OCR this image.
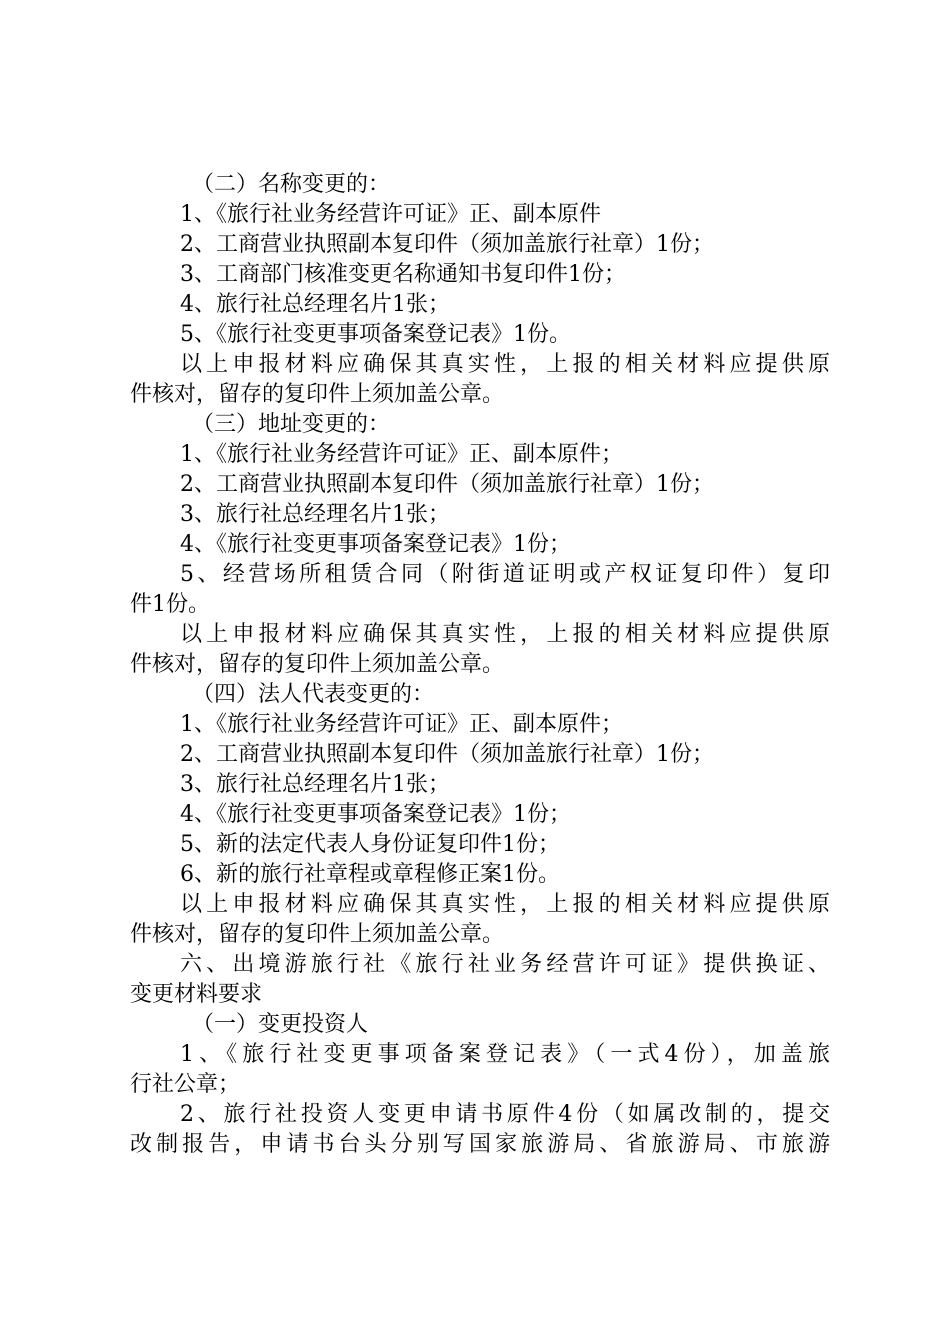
（二）名称变更的：
1、《旅行社业务经营许可证》正、副本原件
2、工商营业执照副本复印件（须加盖旅行社章）1份；
3、工商部门核准变更名称通知书复印件1份；
4、旅行社总经理名片1张；
5、《旅行社变更事项备案登记表》1份。
以上申报材料应确保其真实性，上报的相关材料应提供原
件核对，留存的复印件上须加盖公章。
（三）地址变更的：
1、《旅行社业务经营许可证》正、副本原件；
2、工商营业执照副本复印件（须加盖旅行社章）1份；
3、旅行社总经理名片1张；
4、《旅行社变更事项备案登记表》1份；
5、经营场所租赁合同（附街道证明或产权证复印件）复印
件1份。
以上申报材料应确保其真实性，上报的相关材料应提供原
件核对，留存的复印件上须加盖公章。
（四）法人代表变更的：
1、《旅行社业务经营许可证》正、副本原件；
2、工商营业执照副本复印件（须加盖旅行社章）1份；
3、旅行社总经理名片1张；
4、《旅行社变更事项备案登记表》1份；
5、新的法定代表人身份证复印件1份；
6、新的旅行社章程或章程修正案1份。
以上申报材料应确保其真实性，上报的相关材料应提供原
件核对，留存的复印件上须加盖公章。
六、出境游旅行社《旅行社业务经营许可证》提供换证、
变更材料要求
（一）变更投资人
1、《旅行社变更事项备案登记表》（一式4份），加盖旅
行社公章；
2、旅行社投资人变更申请书原件4份（如属改制的，提交
改制报告，申请书台头分别写国家旅游局、省旅游局、市旅游
